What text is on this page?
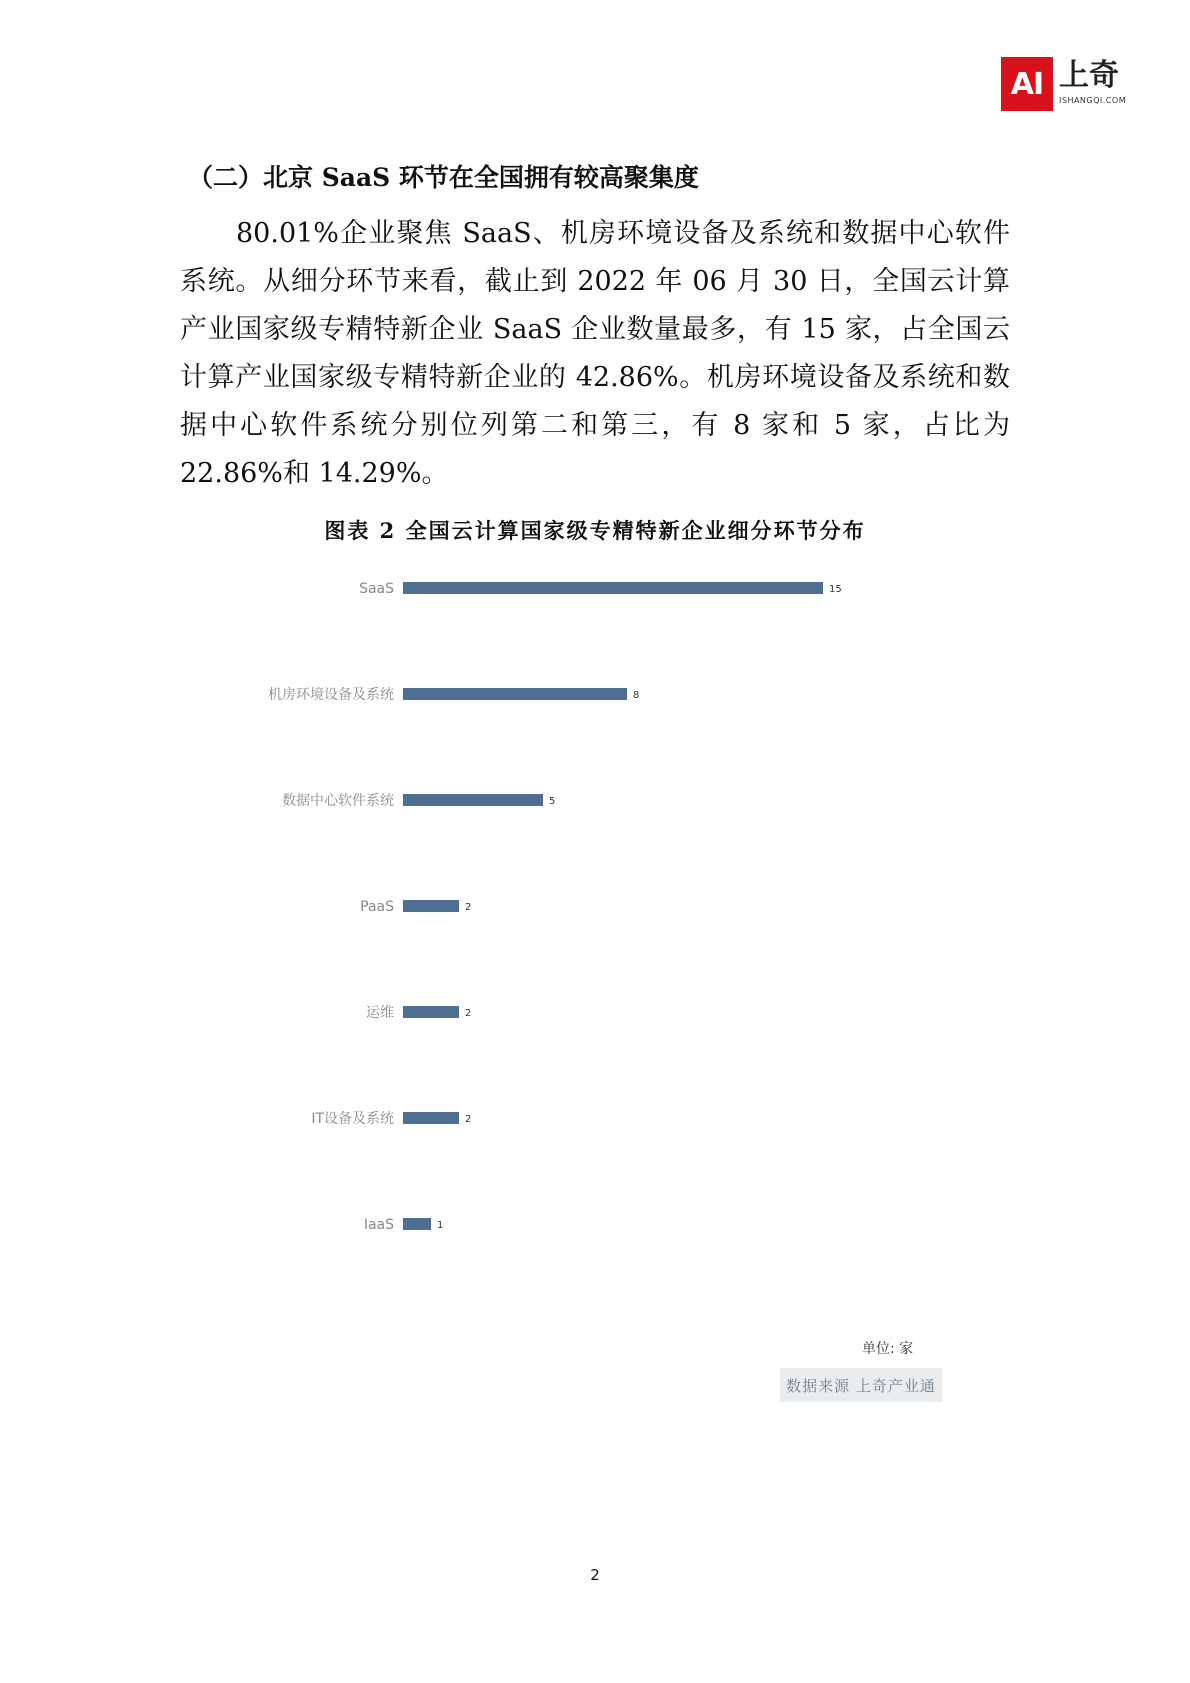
AI 上奇
ISHANGQI.COM
（二）北京 SaaS 环节在全国拥有较高聚集度

80.01%企业聚焦 SaaS、机房环境设备及系统和数据中心软件系统。从细分环节来看，截止到 2022 年 06 月 30 日，全国云计算产业国家级专精特新企业 SaaS 企业数量最多，有 15 家，占全国云计算产业国家级专精特新企业的 42.86%。机房环境设备及系统和数据中心软件系统分别位列第二和第三，有 8 家和 5 家，占比为 22.86%和 14.29%。

图表 2 全国云计算国家级专精特新企业细分环节分布
SaaS	15
机房环境设备及系统	8
数据中心软件系统	5
PaaS	2
运维	2
IT设备及系统	2
IaaS	1
单位: 家
数据来源 上奇产业通
2
